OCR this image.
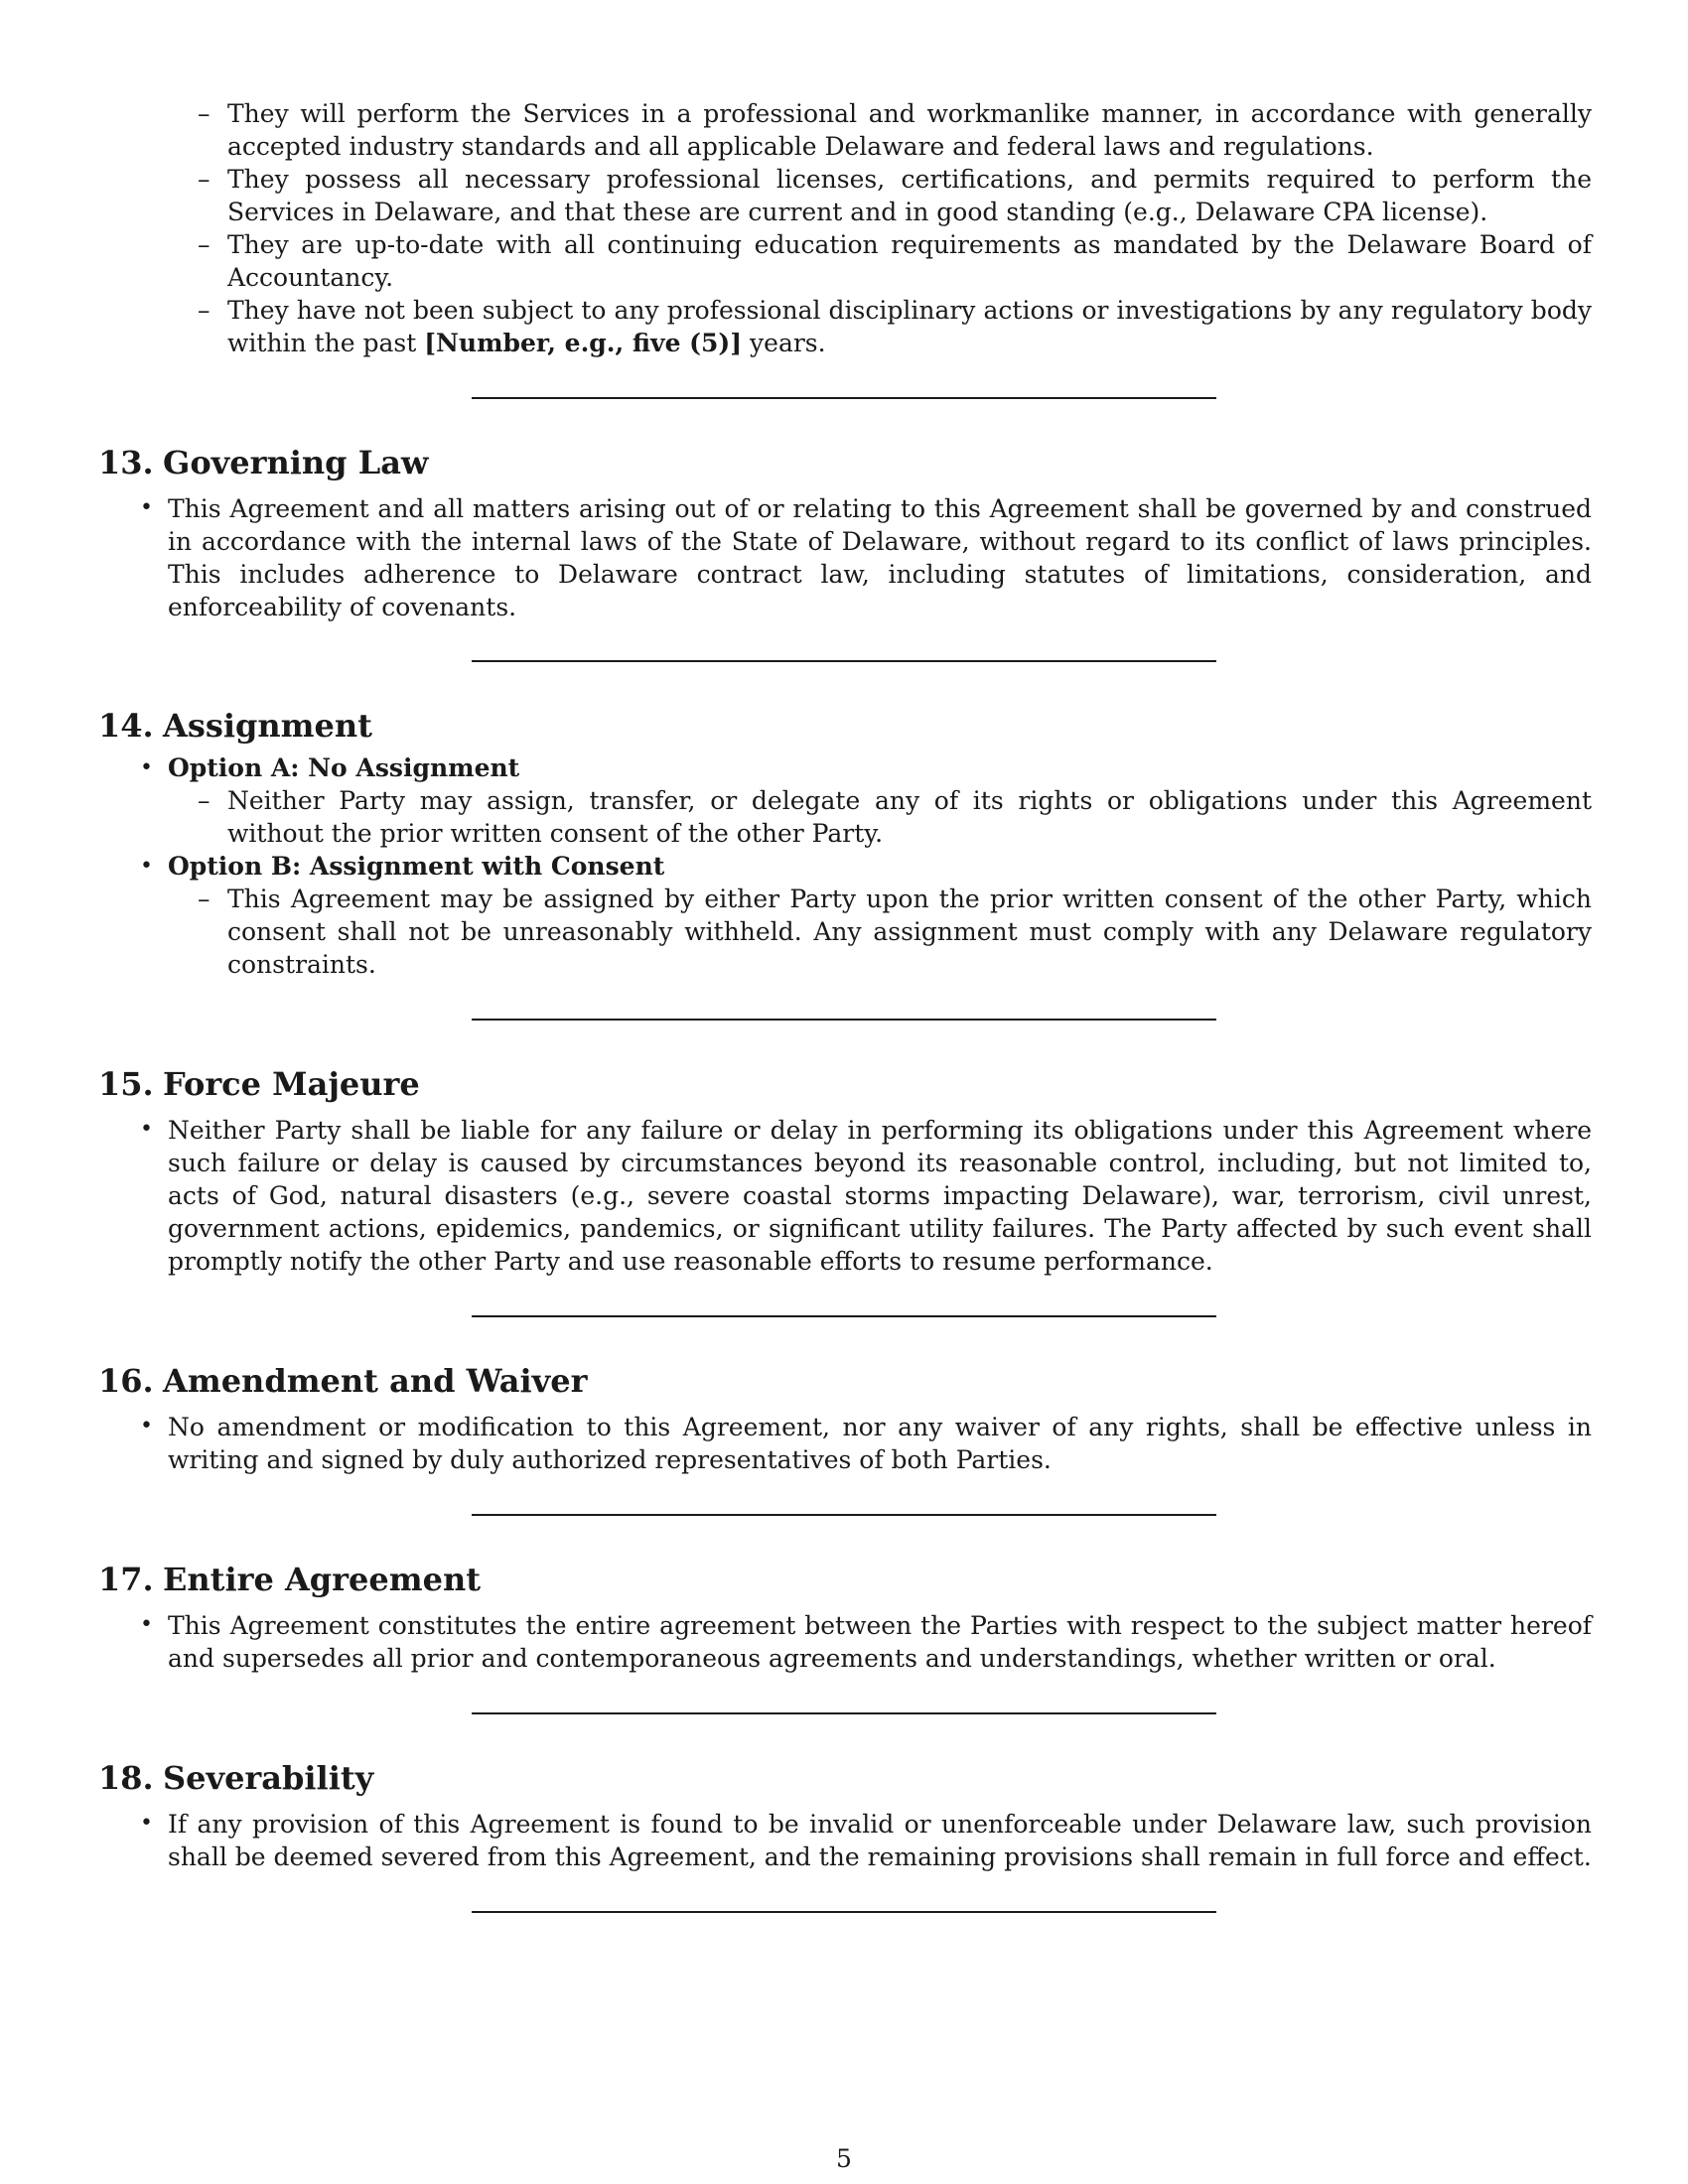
– They will perform the Services in a professional and workmanlike manner, in accordance with generally accepted industry standards and all applicable Delaware and federal laws and regulations.
– They possess all necessary professional licenses, certifications, and permits required to perform the Services in Delaware, and that these are current and in good standing (e.g., Delaware CPA license).
– They are up-to-date with all continuing education requirements as mandated by the Delaware Board of Accountancy.
– They have not been subject to any professional disciplinary actions or investigations by any regulatory body within the past [Number, e.g., five (5)] years.
13. Governing Law
• This Agreement and all matters arising out of or relating to this Agreement shall be governed by and construed in accordance with the internal laws of the State of Delaware, without regard to its conflict of laws principles. This includes adherence to Delaware contract law, including statutes of limitations, consideration, and enforceability of covenants.
14. Assignment
• Option A: No Assignment
– Neither Party may assign, transfer, or delegate any of its rights or obligations under this Agreement without the prior written consent of the other Party.
• Option B: Assignment with Consent
– This Agreement may be assigned by either Party upon the prior written consent of the other Party, which consent shall not be unreasonably withheld. Any assignment must comply with any Delaware regulatory constraints.
15. Force Majeure
• Neither Party shall be liable for any failure or delay in performing its obligations under this Agreement where such failure or delay is caused by circumstances beyond its reasonable control, including, but not limited to, acts of God, natural disasters (e.g., severe coastal storms impacting Delaware), war, terrorism, civil unrest, government actions, epidemics, pandemics, or significant utility failures. The Party affected by such event shall promptly notify the other Party and use reasonable efforts to resume performance.
16. Amendment and Waiver
• No amendment or modification to this Agreement, nor any waiver of any rights, shall be effective unless in writing and signed by duly authorized representatives of both Parties.
17. Entire Agreement
• This Agreement constitutes the entire agreement between the Parties with respect to the subject matter hereof and supersedes all prior and contemporaneous agreements and understandings, whether written or oral.
18. Severability
• If any provision of this Agreement is found to be invalid or unenforceable under Delaware law, such provision shall be deemed severed from this Agreement, and the remaining provisions shall remain in full force and effect.
5
